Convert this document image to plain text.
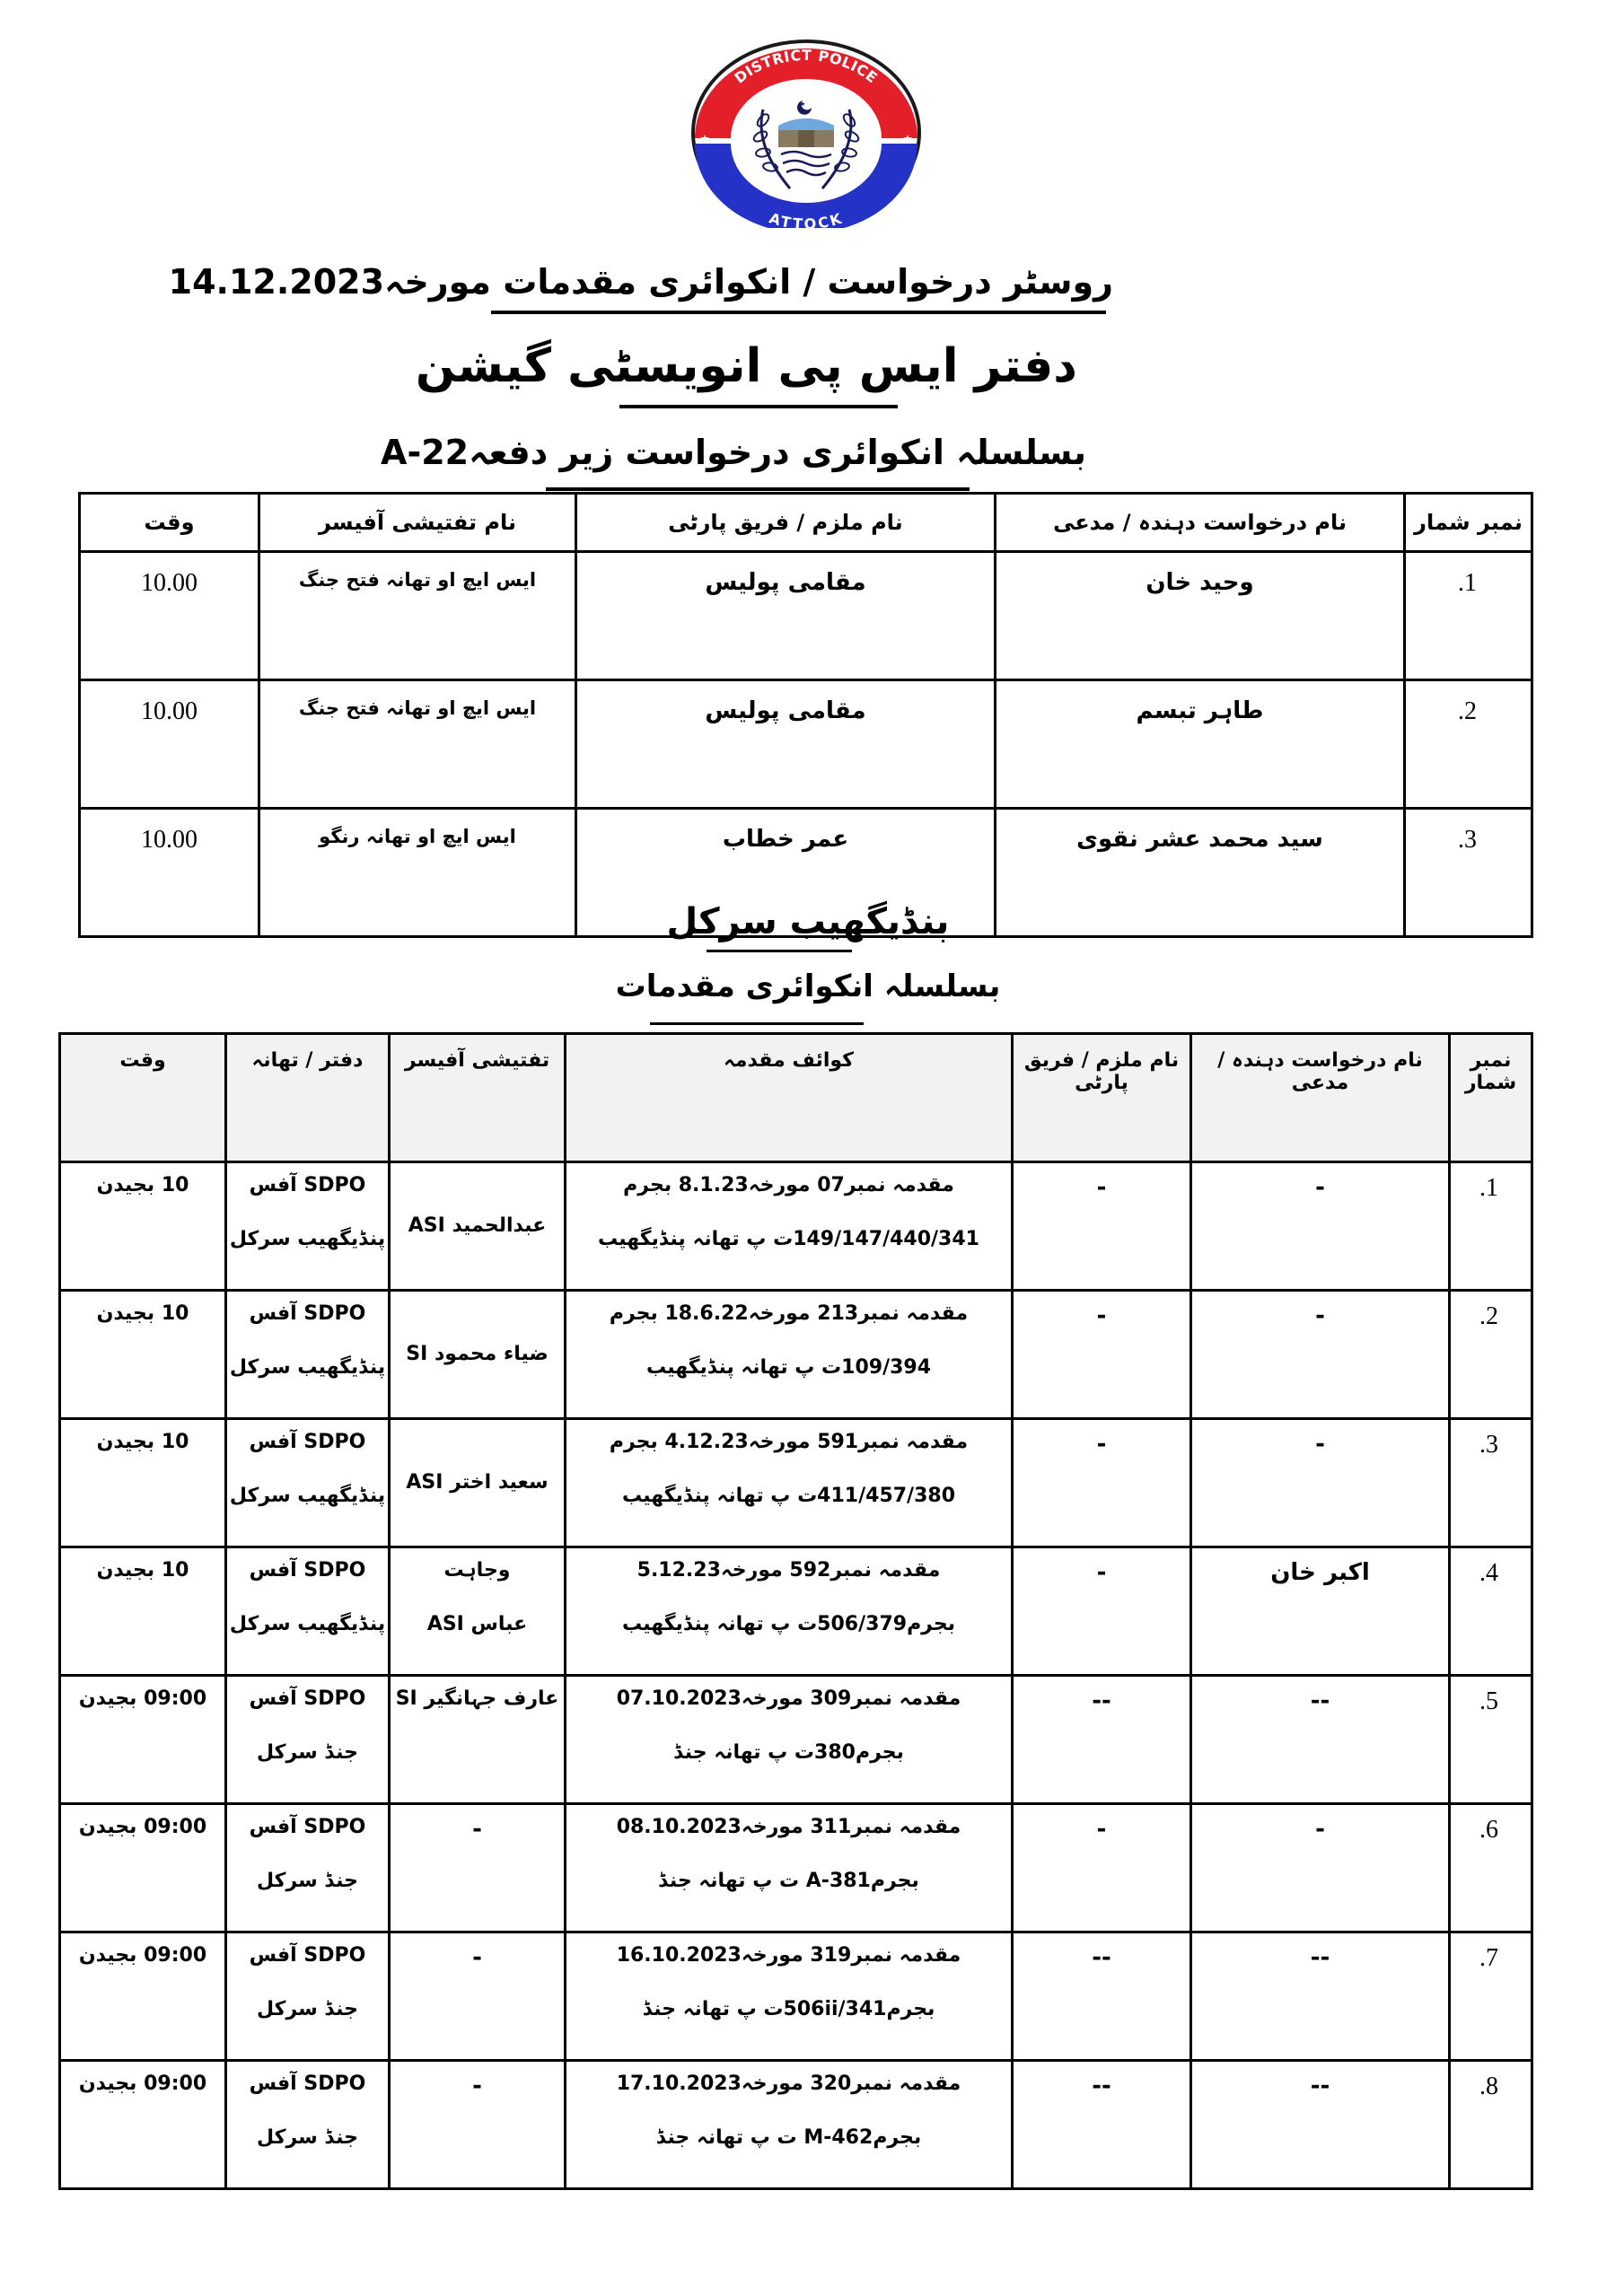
DISTRICT POLICE
ATTOCK
روسٹر درخواست / انکوائری مقدمات مورخہ14.12.2023
دفتر ایس پی انویسٹی گیشن
بسلسلہ انکوائری درخواست زیر دفعہ22-A
نمبر شمار	نام درخواست دہندہ / مدعی	نام ملزم / فریق پارٹی	نام تفتیشی آفیسر	وقت
.1	وحید خان	مقامی پولیس	ایس ایچ او تھانہ فتح جنگ	10.00
.2	طاہر تبسم	مقامی پولیس	ایس ایچ او تھانہ فتح جنگ	10.00
.3	سید محمد عشر نقوی	عمر خطاب	ایس ایچ او تھانہ رنگو	10.00
پنڈیگھیب سرکل
بسلسلہ انکوائری مقدمات
نمبر شمار	نام درخواست دہندہ / مدعی	نام ملزم / فریق پارٹی	کوائف مقدمہ	تفتیشی آفیسر	دفتر / تھانہ	وقت

.1	-	-	مقدمہ نمبر07 مورخہ8.1.23 بجرم
149/147/440/341ت پ تھانہ پنڈیگھیب	عبدالحمید ASI	SDPO آفس
پنڈیگھیب سرکل	10 بجیدن

.2	-	-	مقدمہ نمبر213 مورخہ18.6.22 بجرم
109/394ت پ تھانہ پنڈیگھیب	ضیاء محمود SI	SDPO آفس
پنڈیگھیب سرکل	10 بجیدن

.3	-	-	مقدمہ نمبر591 مورخہ4.12.23 بجرم
411/457/380ت پ تھانہ پنڈیگھیب	سعید اختر ASI	SDPO آفس
پنڈیگھیب سرکل	10 بجیدن

.4	اکبر خان	-	مقدمہ نمبر592 مورخہ5.12.23
بجرم506/379ت پ تھانہ پنڈیگھیب	وجاہت
عباس ASI	SDPO آفس
پنڈیگھیب سرکل	10 بجیدن

.5	--	--	مقدمہ نمبر309 مورخہ07.10.2023
بجرم380ت پ تھانہ جنڈ	عارف جہانگیر SI	SDPO آفس
جنڈ سرکل	09:00 بجیدن

.6	-	-	مقدمہ نمبر311 مورخہ08.10.2023
بجرم381-A ت پ تھانہ جنڈ	-	SDPO آفس
جنڈ سرکل	09:00 بجیدن

.7	--	--	مقدمہ نمبر319 مورخہ16.10.2023
بجرم506ii/341ت پ تھانہ جنڈ	-	SDPO آفس
جنڈ سرکل	09:00 بجیدن

.8	--	--	مقدمہ نمبر320 مورخہ17.10.2023
بجرم462-M ت پ تھانہ جنڈ	-	SDPO آفس
جنڈ سرکل	09:00 بجیدن
